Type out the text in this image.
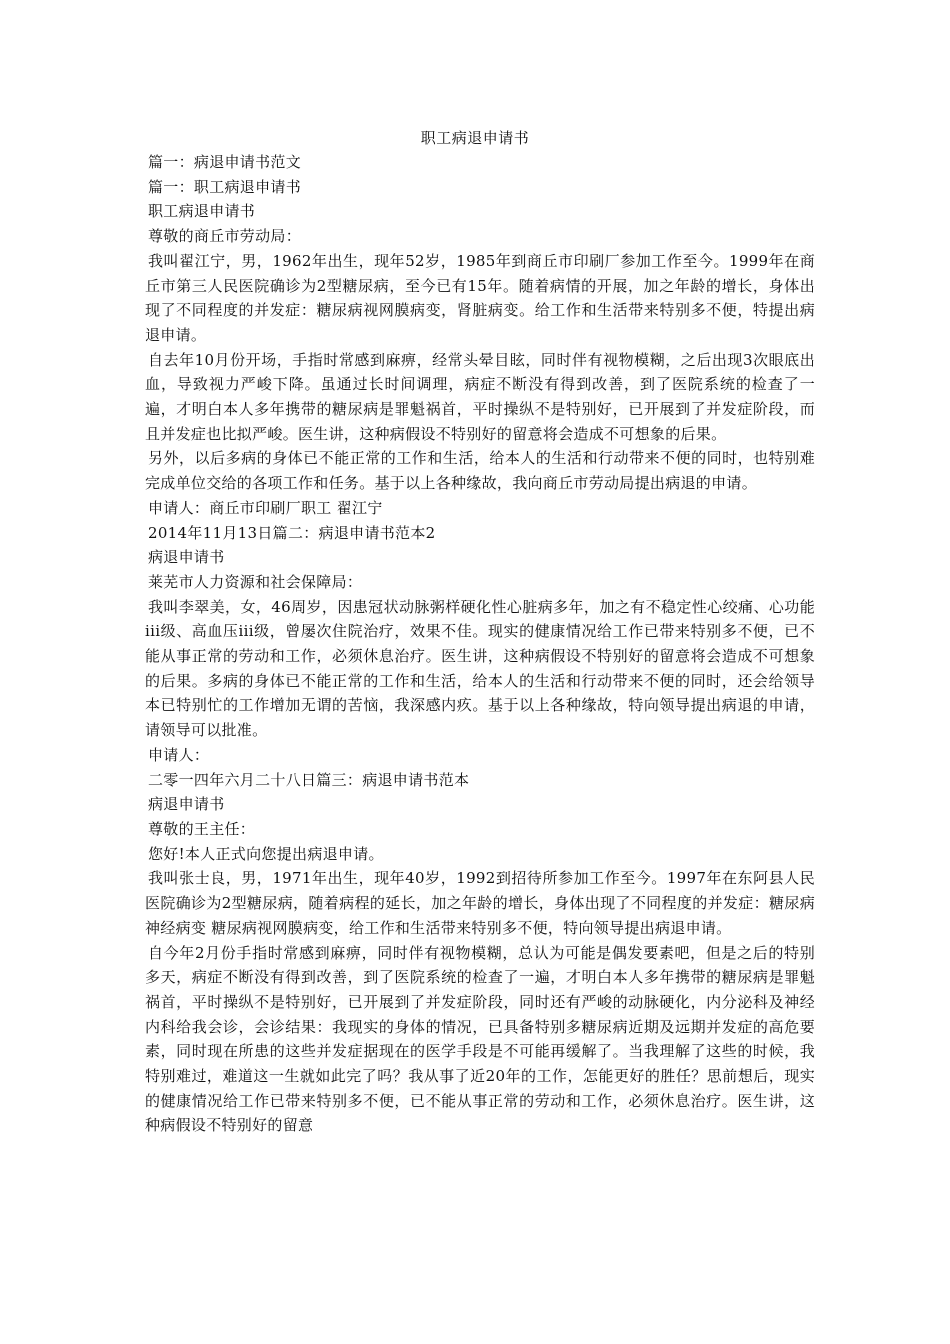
职工病退申请书

篇一：病退申请书范文

篇一：职工病退申请书

职工病退申请书

尊敬的商丘市劳动局：

我叫翟江宁，男，1962年出生，现年52岁，1985年到商丘市印刷厂参加工作至今。1999年在商丘市第三人民医院确诊为2型糖尿病，至今已有15年。随着病情的开展，加之年龄的增长，身体出现了不同程度的并发症：糖尿病视网膜病变，肾脏病变。给工作和生活带来特别多不便，特提出病退申请。

自去年10月份开场，手指时常感到麻痹，经常头晕目眩，同时伴有视物模糊，之后出现3次眼底出血，导致视力严峻下降。虽通过长时间调理，病症不断没有得到改善，到了医院系统的检查了一遍，才明白本人多年携带的糖尿病是罪魁祸首，平时操纵不是特别好，已开展到了并发症阶段，而且并发症也比拟严峻。医生讲，这种病假设不特别好的留意将会造成不可想象的后果。

另外，以后多病的身体已不能正常的工作和生活，给本人的生活和行动带来不便的同时，也特别难完成单位交给的各项工作和任务。基于以上各种缘故，我向商丘市劳动局提出病退的申请。

申请人：商丘市印刷厂职工 翟江宁

2014年11月13日篇二：病退申请书范本2

病退申请书

莱芜市人力资源和社会保障局：

我叫李翠美，女，46周岁，因患冠状动脉粥样硬化性心脏病多年，加之有不稳定性心绞痛、心功能iii级、高血压iii级，曾屡次住院治疗，效果不佳。现实的健康情况给工作已带来特别多不便，已不能从事正常的劳动和工作，必须休息治疗。医生讲，这种病假设不特别好的留意将会造成不可想象的后果。多病的身体已不能正常的工作和生活，给本人的生活和行动带来不便的同时，还会给领导本已特别忙的工作增加无谓的苦恼，我深感内疚。基于以上各种缘故，特向领导提出病退的申请，请领导可以批准。

申请人：

二零一四年六月二十八日篇三：病退申请书范本

病退申请书

尊敬的王主任：

您好!本人正式向您提出病退申请。

我叫张士良，男，1971年出生，现年40岁，1992到招待所参加工作至今。1997年在东阿县人民医院确诊为2型糖尿病，随着病程的延长，加之年龄的增长，身体出现了不同程度的并发症：糖尿病神经病变 糖尿病视网膜病变，给工作和生活带来特别多不便，特向领导提出病退申请。

自今年2月份手指时常感到麻痹，同时伴有视物模糊，总认为可能是偶发要素吧，但是之后的特别多天，病症不断没有得到改善，到了医院系统的检查了一遍，才明白本人多年携带的糖尿病是罪魁祸首，平时操纵不是特别好，已开展到了并发症阶段，同时还有严峻的动脉硬化，内分泌科及神经内科给我会诊，会诊结果：我现实的身体的情况，已具备特别多糖尿病近期及远期并发症的高危要素，同时现在所患的这些并发症据现在的医学手段是不可能再缓解了。当我理解了这些的时候，我特别难过，难道这一生就如此完了吗？我从事了近20年的工作，怎能更好的胜任？思前想后，现实的健康情况给工作已带来特别多不便，已不能从事正常的劳动和工作，必须休息治疗。医生讲，这种病假设不特别好的留意
